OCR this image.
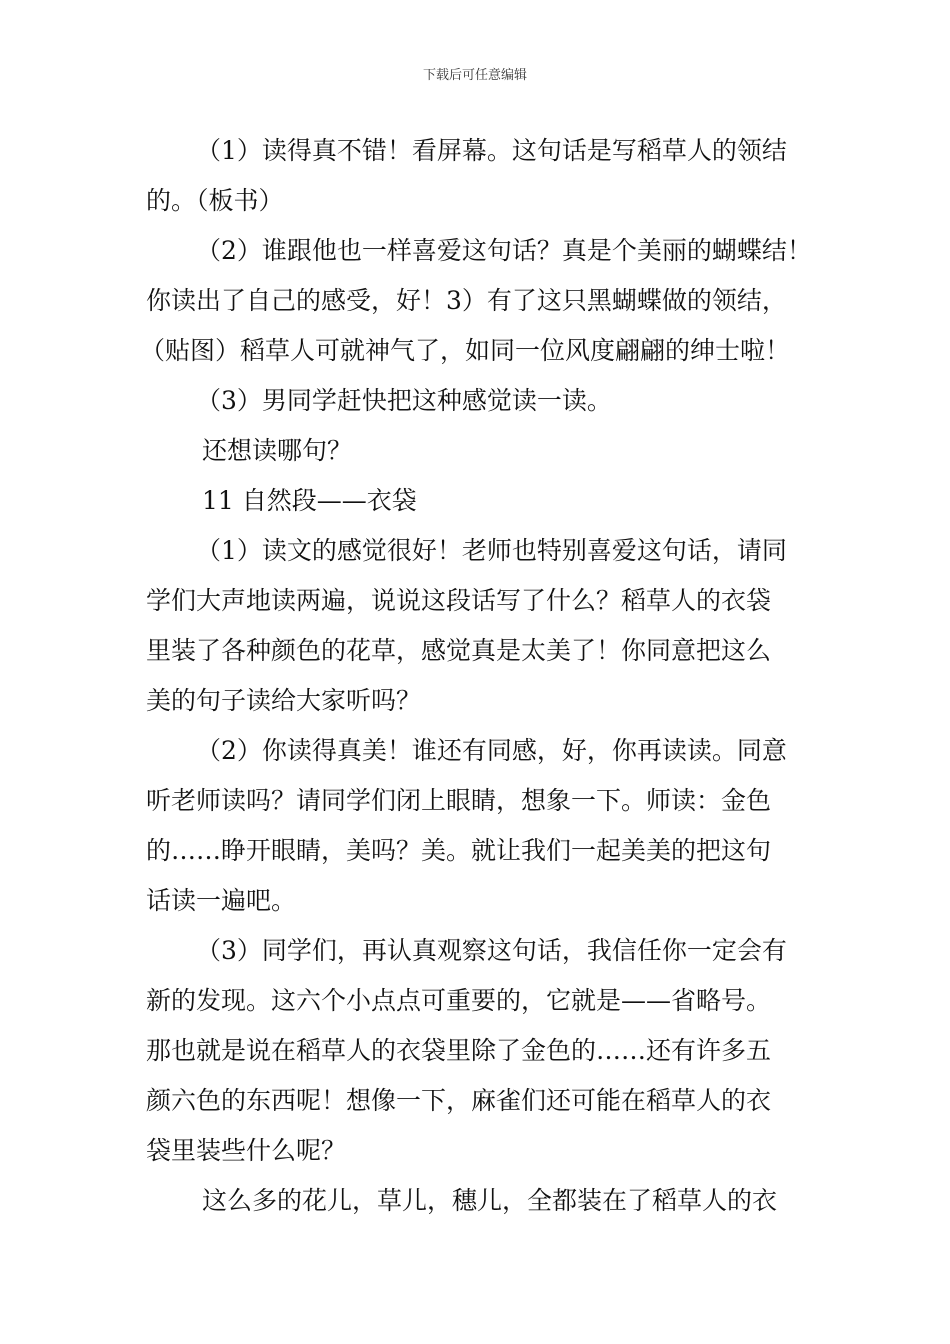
下载后可任意编辑

（1）读得真不错！看屏幕。这句话是写稻草人的领结

的。（板书）

（2）谁跟他也一样喜爱这句话？真是个美丽的蝴蝶结！

你读出了自己的感受，好！3）有了这只黑蝴蝶做的领结，

（贴图）稻草人可就神气了，如同一位风度翩翩的绅士啦！

（3）男同学赶快把这种感觉读一读。

还想读哪句？

11 自然段——衣袋

（1）读文的感觉很好！老师也特别喜爱这句话，请同

学们大声地读两遍，说说这段话写了什么？稻草人的衣袋

里装了各种颜色的花草，感觉真是太美了！你同意把这么

美的句子读给大家听吗？

（2）你读得真美！谁还有同感，好，你再读读。同意

听老师读吗？请同学们闭上眼睛，想象一下。师读：金色

的……睁开眼睛，美吗？美。就让我们一起美美的把这句

话读一遍吧。

（3）同学们，再认真观察这句话，我信任你一定会有

新的发现。这六个小点点可重要的，它就是——省略号。

那也就是说在稻草人的衣袋里除了金色的……还有许多五

颜六色的东西呢！想像一下，麻雀们还可能在稻草人的衣

袋里装些什么呢？

这么多的花儿，草儿，穗儿，全都装在了稻草人的衣
